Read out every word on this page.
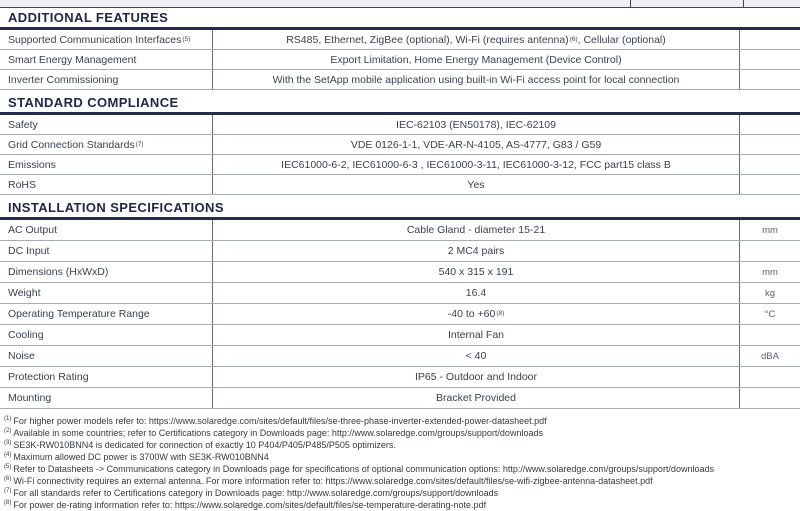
ADDITIONAL FEATURES
Supported Communication Interfaces (5)	RS485, Ethernet, ZigBee (optional), Wi-Fi (requires antenna) (6) , Cellular (optional)
Smart Energy Management	Export Limitation, Home Energy Management (Device Control)
Inverter Commissioning	With the SetApp mobile application using built-in Wi-Fi access point for local connection
STANDARD COMPLIANCE
Safety	IEC-62103 (EN50178), IEC-62109
Grid Connection Standards (7)	VDE 0126-1-1, VDE-AR-N-4105, AS-4777, G83 / G59
Emissions	IEC61000-6-2, IEC61000-6-3 , IEC61000-3-11, IEC61000-3-12, FCC part15 class B
RoHS	Yes
INSTALLATION SPECIFICATIONS
AC Output	Cable Gland - diameter 15-21	mm
DC Input	2 MC4 pairs
Dimensions (HxWxD)	540 x 315 x 191	mm
Weight	16.4	kg
Operating Temperature Range	-40 to +60 (8)	°C
Cooling	Internal Fan
Noise	< 40	dBA
Protection Rating	IP65 - Outdoor and Indoor
Mounting	Bracket Provided
$^{(1)}$ For higher power models refer to: https://www.solaredge.com/sites/default/files/se-three-phase-inverter-extended-power-datasheet.pdf
$^{(2)}$ Available in some countries; refer to Certifications category in Downloads page: http://www.solaredge.com/groups/support/downloads
$^{(3)}$ SE3K-RW010BNN4 is dedicated for connection of exactly 10 P404/P405/P485/P505 optimizers.
$^{(4)}$ Maximum allowed DC power is 3700W with SE3K-RW010BNN4
$^{(5)}$ Refer to Datasheets -> Communications category in Downloads page for specifications of optional communication options: http://www.solaredge.com/groups/support/downloads
$^{(6)}$ Wi-Fi connectivity requires an external antenna. For more information refer to: https://www.solaredge.com/sites/default/files/se-wifi-zigbee-antenna-datasheet.pdf
$^{(7)}$ For all standards refer to Certifications category in Downloads page: http://www.solaredge.com/groups/support/downloads
$^{(8)}$ For power de-rating information refer to: https://www.solaredge.com/sites/default/files/se-temperature-derating-note.pdf
